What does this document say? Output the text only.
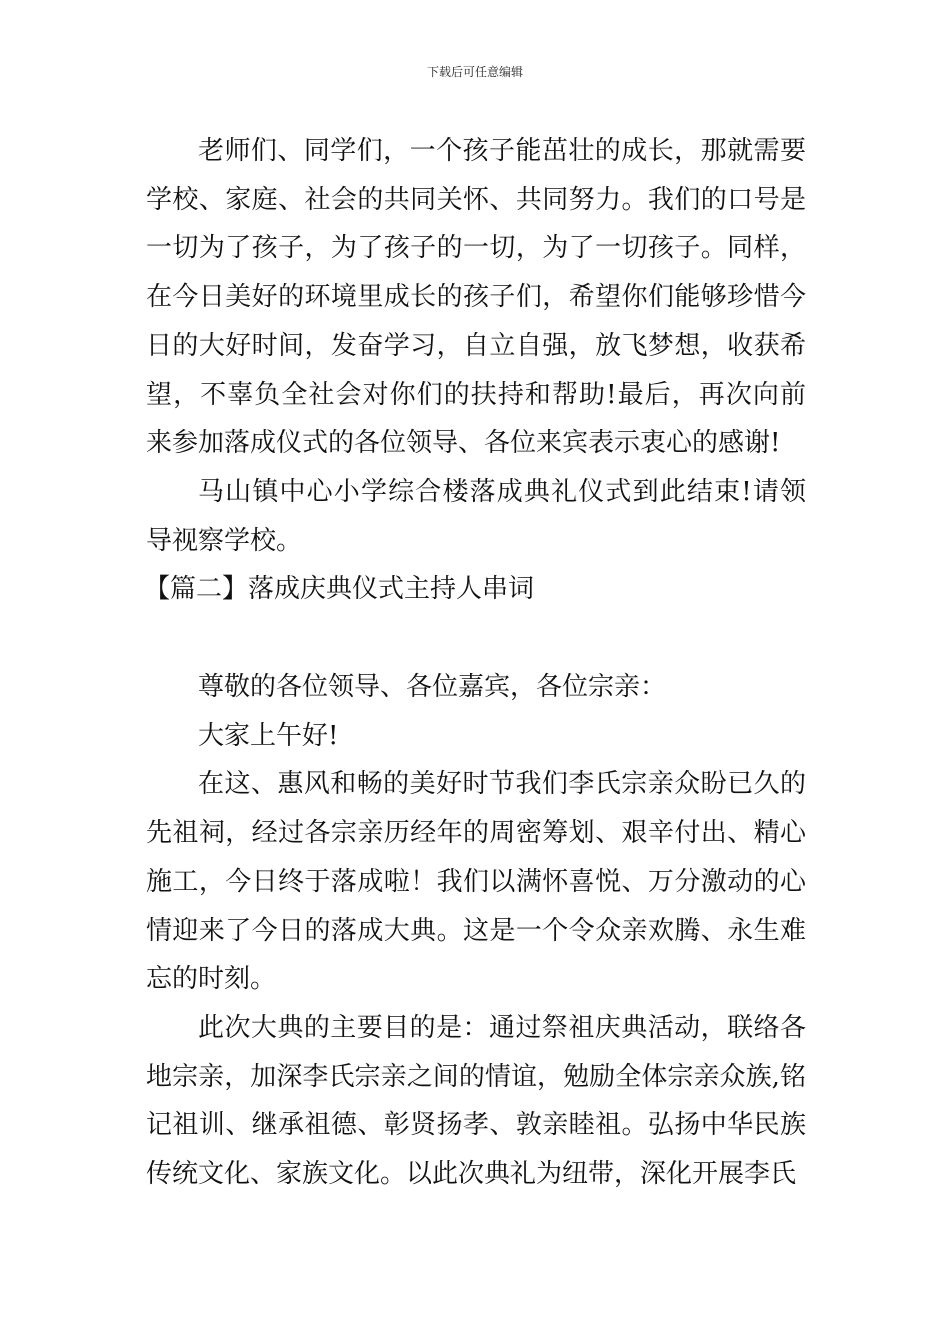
下载后可任意编辑

老师们、同学们，一个孩子能茁壮的成长，那就需要学校、家庭、社会的共同关怀、共同努力。我们的口号是一切为了孩子，为了孩子的一切，为了一切孩子。同样，在今日美好的环境里成长的孩子们，希望你们能够珍惜今日的大好时间，发奋学习，自立自强，放飞梦想，收获希望，不辜负全社会对你们的扶持和帮助!最后，再次向前来参加落成仪式的各位领导、各位来宾表示衷心的感谢!

马山镇中心小学综合楼落成典礼仪式到此结束!请领导视察学校。

【篇二】落成庆典仪式主持人串词

尊敬的各位领导、各位嘉宾，各位宗亲：

大家上午好!

在这、惠风和畅的美好时节我们李氏宗亲众盼已久的先祖祠，经过各宗亲历经年的周密筹划、艰辛付出、精心施工，今日终于落成啦！我们以满怀喜悦、万分激动的心情迎来了今日的落成大典。这是一个令众亲欢腾、永生难忘的时刻。

此次大典的主要目的是：通过祭祖庆典活动，联络各地宗亲，加深李氏宗亲之间的情谊，勉励全体宗亲众族,铭记祖训、继承祖德、彰贤扬孝、敦亲睦祖。弘扬中华民族传统文化、家族文化。以此次典礼为纽带，深化开展李氏
